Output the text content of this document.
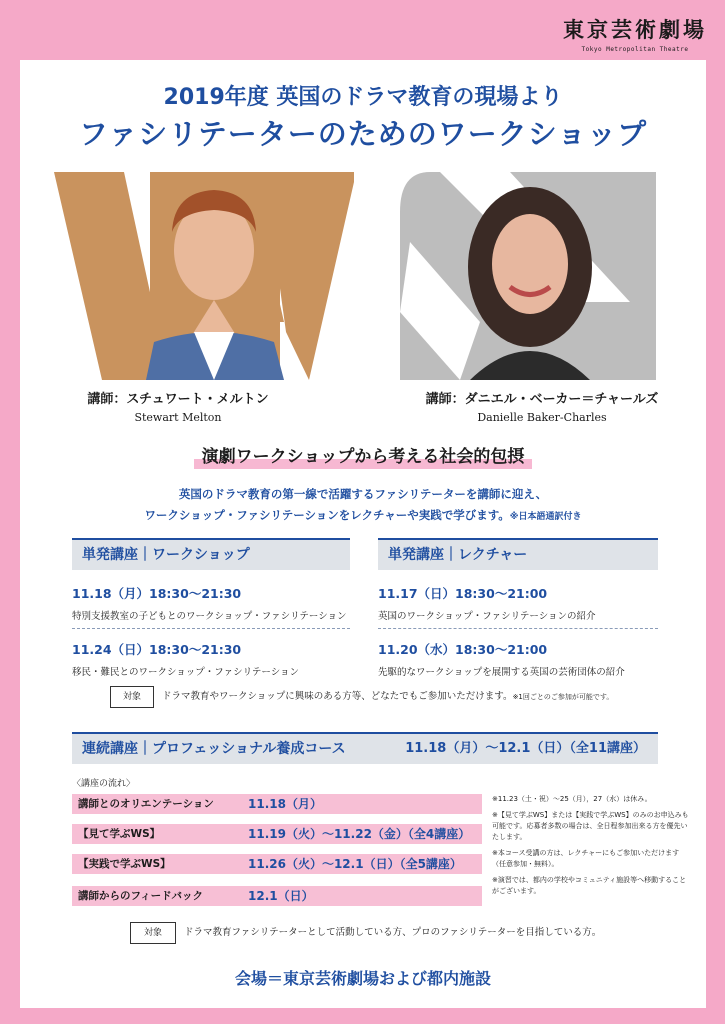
東京芸術劇場
Tokyo Metropolitan Theatre
2019年度 英国のドラマ教育の現場より
ファシリテーターのためのワークショップ
講師：スチュワート・メルトン
Stewart Melton
講師：ダニエル・ベーカー＝チャールズ
Danielle Baker-Charles
演劇ワークショップから考える社会的包摂
英国のドラマ教育の第一線で活躍するファシリテーターを講師に迎え、
ワークショップ・ファシリテーションをレクチャーや実践で学びます。※日本語通訳付き
単発講座｜ワークショップ
11.18（月）18:30〜21:30
特別支援教室の子どもとのワークショップ・ファシリテーション
11.24（日）18:30〜21:30
移民・難民とのワークショップ・ファシリテーション
単発講座｜レクチャー
11.17（日）18:30〜21:00
英国のワークショップ・ファシリテーションの紹介
11.20（水）18:30〜21:00
先駆的なワークショップを展開する英国の芸術団体の紹介
対象	ドラマ教育やワークショップに興味のある方等、どなたでもご参加いただけます。※1回ごとのご参加が可能です。
連続講座｜プロフェッショナル養成コース	11.18（月）〜12.1（日）（全11講座）
〈講座の流れ〉
講師とのオリエンテーション	11.18（月）
【見て学ぶWS】	11.19（火）〜11.22（金）（全4講座）
【実践で学ぶWS】	11.26（火）〜12.1（日）（全5講座）
講師からのフィードバック	12.1（日）

※11.23（土・祝）〜25（月），27（水）は休み。

※【見て学ぶWS】または【実践で学ぶWS】のみのお申込みも可能です。応募者多数の場合は、全日程参加出来る方を優先いたします。

※本コース受講の方は、レクチャーにもご参加いただけます（任意参加・無料）。

※演習では、都内の学校やコミュニティ施設等へ移動することがございます。

対象	ドラマ教育ファシリテーターとして活動している方、プロのファシリテーターを目指している方。
会場＝東京芸術劇場および都内施設
